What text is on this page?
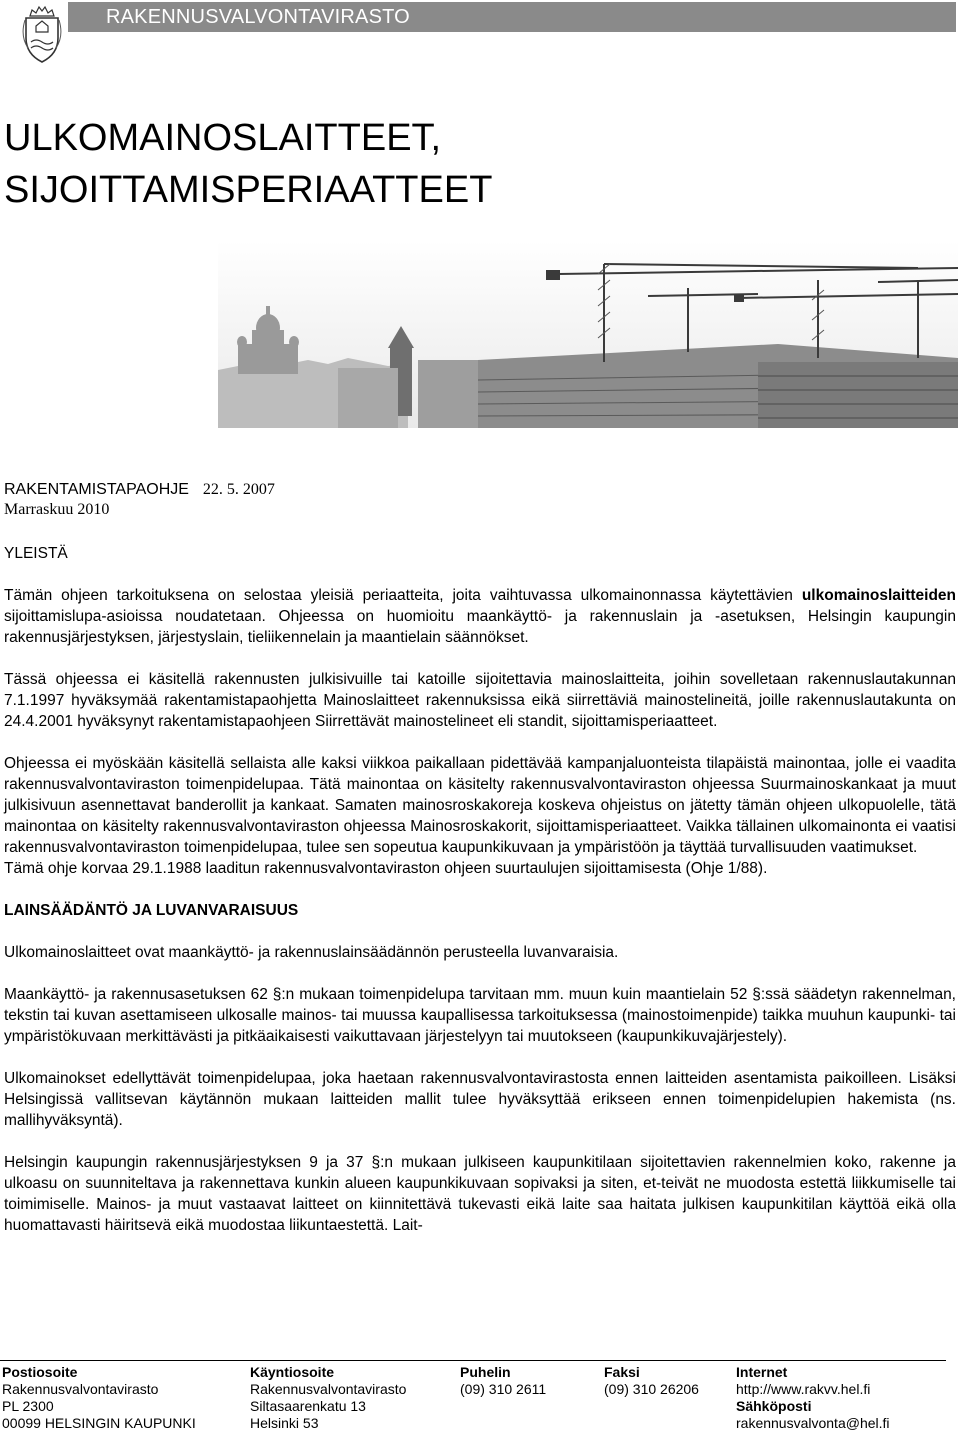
RAKENNUSVALVONTAVIRASTO
ULKOMAINOSLAITTEET,
SIJOITTAMISPERIAATTEET
RAKENTAMISTAPAOHJE 22. 5. 2007
Marraskuu 2010
YLEISTÄ

Tämän ohjeen tarkoituksena on selostaa yleisiä periaatteita, joita vaihtuvassa ulkomainonnassa käytettävien ulkomainoslaitteiden sijoittamislupa-asioissa noudatetaan. Ohjeessa on huomioitu maankäyttö- ja rakennuslain ja -asetuksen, Helsingin kaupungin rakennusjärjestyksen, järjestyslain, tieliikennelain ja maantielain säännökset.

Tässä ohjeessa ei käsitellä rakennusten julkisivuille tai katoille sijoitettavia mainoslaitteita, joihin sovelletaan rakennuslautakunnan 7.1.1997 hyväksymää rakentamistapaohjetta Mainoslaitteet rakennuksissa eikä siirrettäviä mainostelineitä, joille rakennuslautakunta on 24.4.2001 hyväksynyt rakentamistapaohjeen Siirrettävät mainostelineet eli standit, sijoittamisperiaatteet.

Ohjeessa ei myöskään käsitellä sellaista alle kaksi viikkoa paikallaan pidettävää kampanjaluonteista tilapäistä mainontaa, jolle ei vaadita rakennusvalvontaviraston toimenpidelupaa. Tätä mainontaa on käsitelty rakennusvalvontaviraston ohjeessa Suurmainoskankaat ja muut julkisivuun asennettavat banderollit ja kankaat. Samaten mainosroskakoreja koskeva ohjeistus on jätetty tämän ohjeen ulkopuolelle, tätä mainontaa on käsitelty rakennusvalvontaviraston ohjeessa Mainosroskakorit, sijoittamisperiaatteet. Vaikka tällainen ulkomainonta ei vaatisi rakennusvalvontaviraston toimenpidelupaa, tulee sen sopeutua kaupunkikuvaan ja ympäristöön ja täyttää turvallisuuden vaatimukset.

Tämä ohje korvaa 29.1.1988 laaditun rakennusvalvontaviraston ohjeen suurtaulujen sijoittamisesta (Ohje 1/88).

LAINSÄÄDÄNTÖ JA LUVANVARAISUUS

Ulkomainoslaitteet ovat maankäyttö- ja rakennuslainsäädännön perusteella luvanvaraisia.

Maankäyttö- ja rakennusasetuksen 62 §:n mukaan toimenpidelupa tarvitaan mm. muun kuin maantielain 52 §:ssä säädetyn rakennelman, tekstin tai kuvan asettamiseen ulkosalle mainos- tai muussa kaupallisessa tarkoituksessa (mainostoimenpide) taikka muuhun kaupunki- tai ympäristökuvaan merkittävästi ja pitkäaikaisesti vaikuttavaan järjestelyyn tai muutokseen (kaupunkikuvajärjestely).

Ulkomainokset edellyttävät toimenpidelupaa, joka haetaan rakennusvalvontavirastosta ennen laitteiden asentamista paikoilleen. Lisäksi Helsingissä vallitsevan käytännön mukaan laitteiden mallit tulee hyväksyttää erikseen ennen toimenpidelupien hakemista (ns. mallihyväksyntä).

Helsingin kaupungin rakennusjärjestyksen 9 ja 37 §:n mukaan julkiseen kaupunkitilaan sijoitettavien rakennelmien koko, rakenne ja ulkoasu on suunniteltava ja rakennettava kunkin alueen kaupunkikuvaan sopivaksi ja siten, et-teivät ne muodosta estettä liikkumiselle tai toimimiselle. Mainos- ja muut vastaavat laitteet on kiinnitettävä tukevasti eikä laite saa haitata julkisen kaupunkitilan käyttöä eikä olla huomattavasti häiritsevä eikä muodostaa liikuntaestettä. Lait-

Postiosoite
Rakennusvalvontavirasto
PL 2300
00099 HELSINGIN KAUPUNKI
Käyntiosoite
Rakennusvalvontavirasto
Siltasaarenkatu 13
Helsinki 53
Puhelin
(09) 310 2611
Faksi
(09) 310 26206
Internet
http://www.rakvv.hel.fi
Sähköposti
rakennusvalvonta@hel.fi
